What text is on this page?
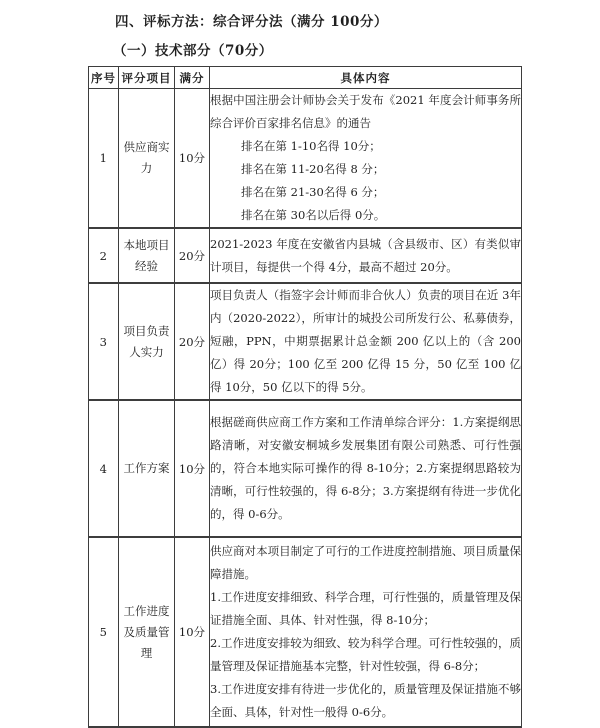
四、评标方法：综合评分法（满分 100分）
（一）技术部分（70分）
序号	评分项目	满分	具体内容
1	供应商实力	10分	根据中国注册会计师协会关于发布《2021 年度会计师事务所综合评价百家排名信息》的通告
排名在第 1-10名得 10分；
排名在第 11-20名得 8 分；
排名在第 21-30名得 6 分；
排名在第 30名以后得 0分。

2	本地项目经验	20分	2021-2023 年度在安徽省内县城（含县级市、区）有类似审计项目，每提供一个得 4分，最高不超过 20分。

3	项目负责人实力	20分	项目负责人（指签字会计师而非合伙人）负责的项目在近 3年内（2020-2022），所审计的城投公司所发行公、私募债券，短融，PPN，中期票据累计总金额 200 亿以上的（含 200亿）得 20分；100 亿至 200 亿得 15 分，50 亿至 100 亿得 10分，50 亿以下的得 5分。

4	工作方案	10分	根据磋商供应商工作方案和工作清单综合评分：1.方案提纲思路清晰，对安徽安桐城乡发展集团有限公司熟悉、可行性强的，符合本地实际可操作的得 8-10分；2.方案提纲思路较为清晰，可行性较强的，得 6-8分；3.方案提纲有待进一步优化的，得 0-6分。

5	工作进度及质量管理	10分	供应商对本项目制定了可行的工作进度控制措施、项目质量保障措施。
1.工作进度安排细致、科学合理，可行性强的，质量管理及保证措施全面、具体、针对性强，得 8-10分；
2.工作进度安排较为细致、较为科学合理。可行性较强的，质量管理及保证措施基本完整，针对性较强，得 6-8分；
3.工作进度安排有待进一步优化的，质量管理及保证措施不够全面、具体，针对性一般得 0-6分。
